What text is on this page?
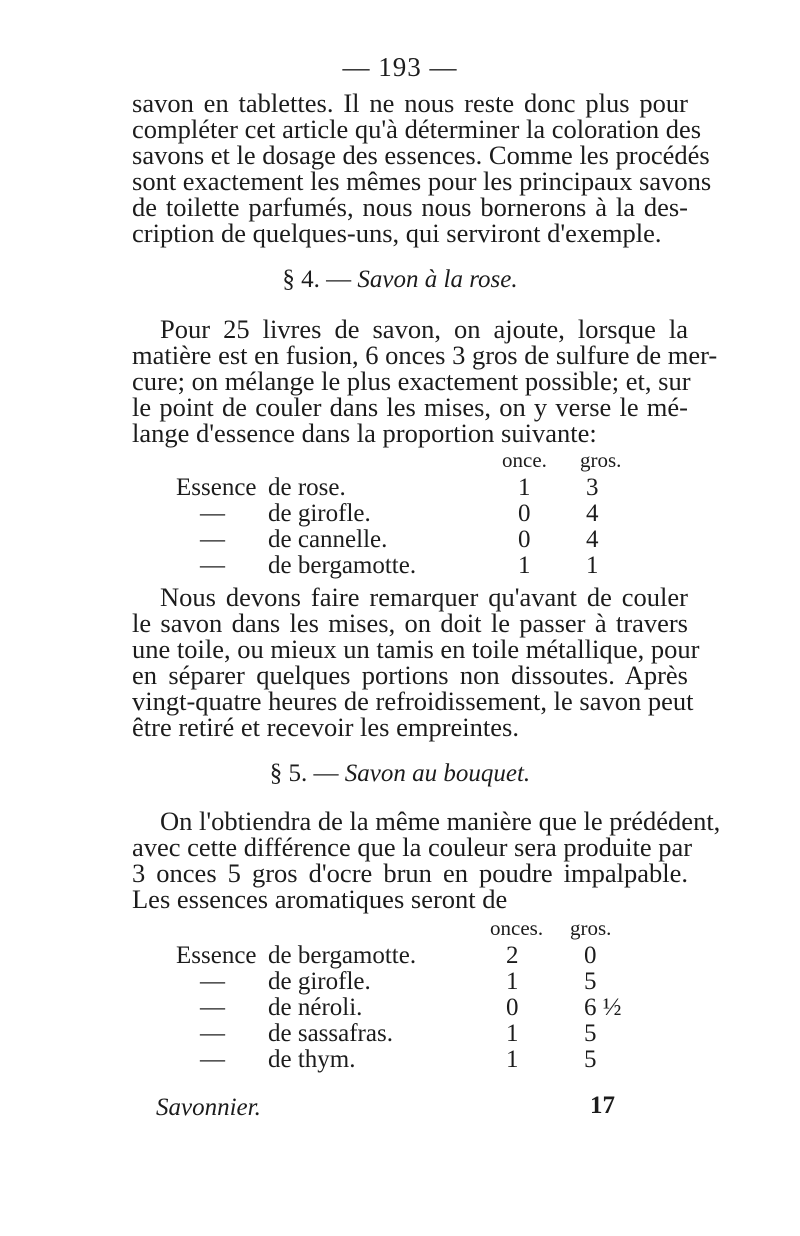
— 193 —
savon en tablettes. Il ne nous reste donc plus pour
compléter cet article qu'à déterminer la coloration des
savons et le dosage des essences. Comme les procédés
sont exactement les mêmes pour les principaux savons
de toilette parfumés, nous nous bornerons à la des-
cription de quelques-uns, qui serviront d'exemple.
§ 4. — Savon à la rose.
Pour 25 livres de savon, on ajoute, lorsque la
matière est en fusion, 6 onces 3 gros de sulfure de mer-
cure; on mélange le plus exactement possible; et, sur
le point de couler dans les mises, on y verse le mé-
lange d'essence dans la proportion suivante:
once. gros.
Essence de rose.	1 3
— de girofle.	0 4
— de cannelle.	0 4
— de bergamotte.	1 1
Nous devons faire remarquer qu'avant de couler
le savon dans les mises, on doit le passer à travers
une toile, ou mieux un tamis en toile métallique, pour
en séparer quelques portions non dissoutes. Après
vingt-quatre heures de refroidissement, le savon peut
être retiré et recevoir les empreintes.
§ 5. — Savon au bouquet.
On l'obtiendra de la même manière que le prédédent,
avec cette différence que la couleur sera produite par
3 onces 5 gros d'ocre brun en poudre impalpable.
Les essences aromatiques seront de
onces. gros.
Essence de bergamotte.	2	0
— de girofle.	1	5
— de néroli.	0	6 ½
— de sassafras.	1	5
— de thym.	1	5
Savonnier.	17
